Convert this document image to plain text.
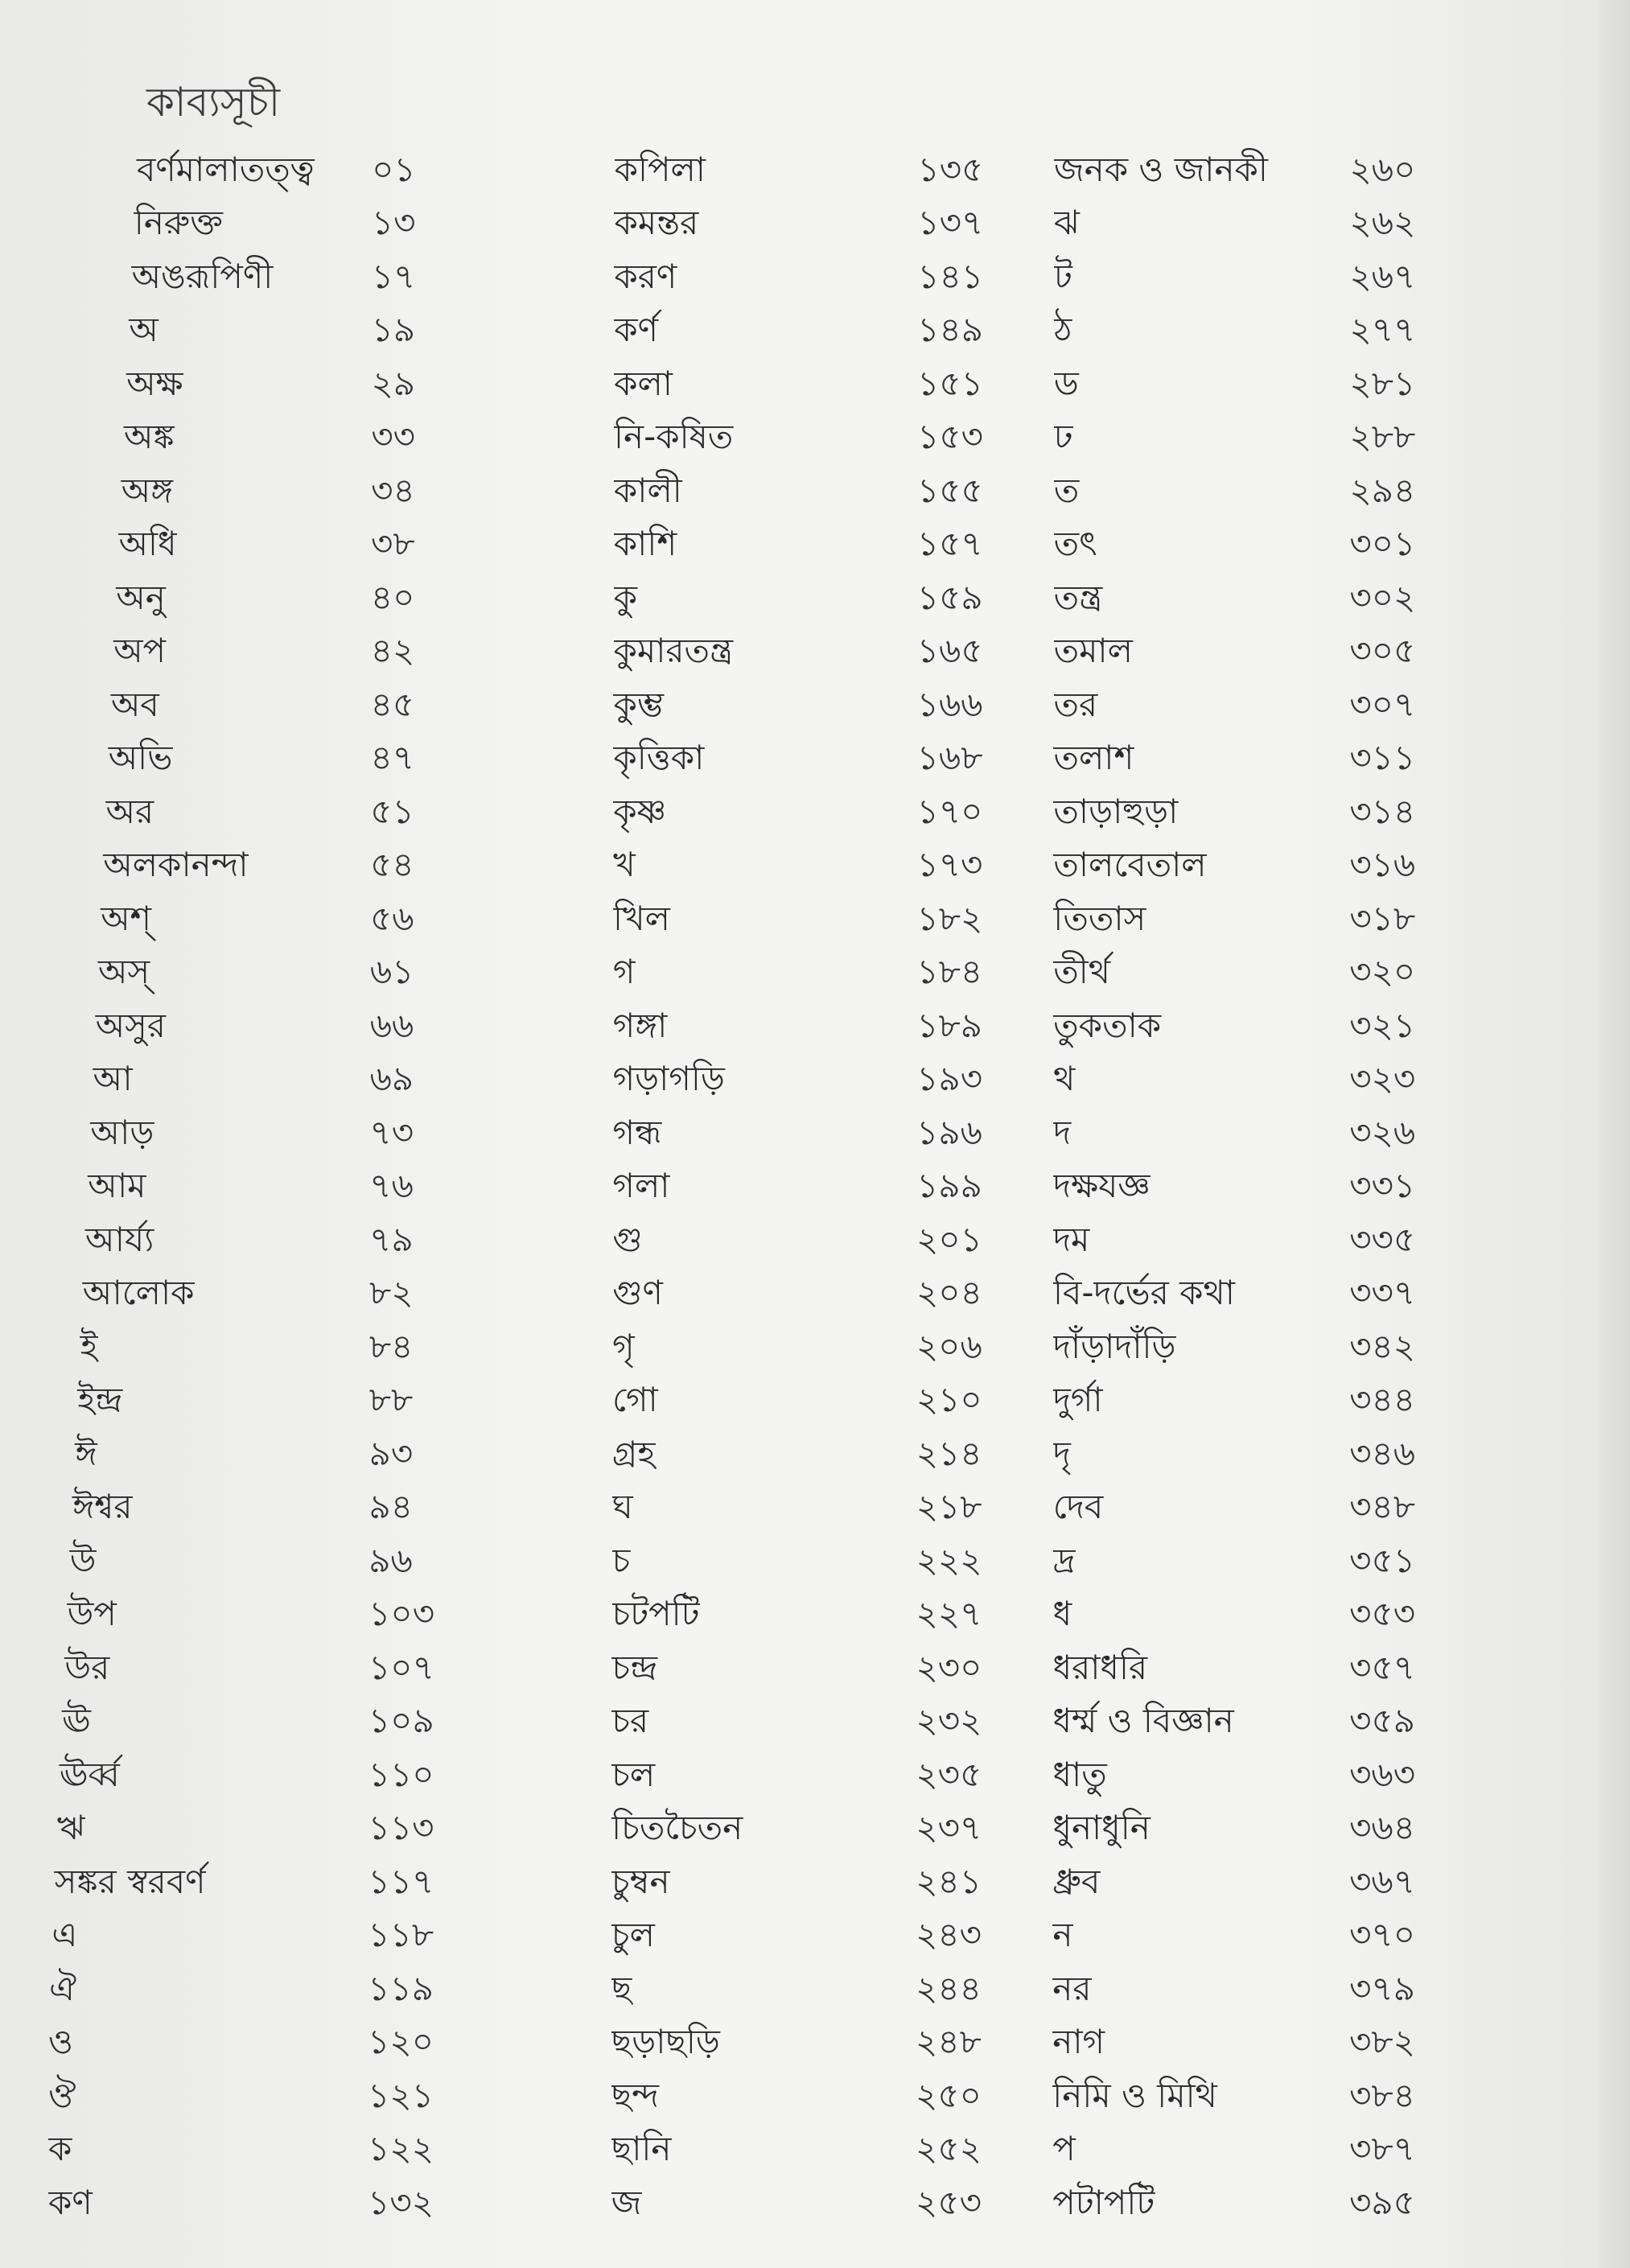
কাব্যসূচী
বর্ণমালাতত্ত্ব	০১	কপিলা	১৩৫	জনক ও জানকী	২৬০
নিরুক্ত	১৩	কমন্তর	১৩৭	ঝ	২৬২
অঙরূপিণী	১৭	করণ	১৪১	ট	২৬৭
অ	১৯	কর্ণ	১৪৯	ঠ	২৭৭
অক্ষ	২৯	কলা	১৫১	ড	২৮১
অঙ্ক	৩৩	নি-কষিত	১৫৩	ঢ	২৮৮
অঙ্গ	৩৪	কালী	১৫৫	ত	২৯৪
অধি	৩৮	কাশি	১৫৭	তৎ	৩০১
অনু	৪০	কু	১৫৯	তন্ত্র	৩০২
অপ	৪২	কুমারতন্ত্র	১৬৫	তমাল	৩০৫
অব	৪৫	কুম্ভ	১৬৬	তর	৩০৭
অভি	৪৭	কৃত্তিকা	১৬৮	তলাশ	৩১১
অর	৫১	কৃষ্ণ	১৭০	তাড়াহুড়া	৩১৪
অলকানন্দা	৫৪	খ	১৭৩	তালবেতাল	৩১৬
অশ্	৫৬	খিল	১৮২	তিতাস	৩১৮
অস্	৬১	গ	১৮৪	তীর্থ	৩২০
অসুর	৬৬	গঙ্গা	১৮৯	তুকতাক	৩২১
আ	৬৯	গড়াগড়ি	১৯৩	থ	৩২৩
আড়	৭৩	গন্ধ	১৯৬	দ	৩২৬
আম	৭৬	গলা	১৯৯	দক্ষযজ্ঞ	৩৩১
আর্য্য	৭৯	গু	২০১	দম	৩৩৫
আলোক	৮২	গুণ	২০৪	বি-দর্ভের কথা	৩৩৭
ই	৮৪	গৃ	২০৬	দাঁড়াদাঁড়ি	৩৪২
ইন্দ্র	৮৮	গো	২১০	দুর্গা	৩৪৪
ঈ	৯৩	গ্রহ	২১৪	দৃ	৩৪৬
ঈশ্বর	৯৪	ঘ	২১৮	দেব	৩৪৮
উ	৯৬	চ	২২২	দ্র	৩৫১
উপ	১০৩	চটপটি	২২৭	ধ	৩৫৩
উর	১০৭	চন্দ্র	২৩০	ধরাধরি	৩৫৭
ঊ	১০৯	চর	২৩২	ধর্ম্ম ও বিজ্ঞান	৩৫৯
ঊর্ব্ব	১১০	চল	২৩৫	ধাতু	৩৬৩
ঋ	১১৩	চিতচৈতন	২৩৭	ধুনাধুনি	৩৬৪
সঙ্কর স্বরবর্ণ	১১৭	চুম্বন	২৪১	ধ্রুব	৩৬৭
এ	১১৮	চুল	২৪৩	ন	৩৭০
ঐ	১১৯	ছ	২৪৪	নর	৩৭৯
ও	১২০	ছড়াছড়ি	২৪৮	নাগ	৩৮২
ঔ	১২১	ছন্দ	২৫০	নিমি ও মিথি	৩৮৪
ক	১২২	ছানি	২৫২	প	৩৮৭
কণ	১৩২	জ	২৫৩	পটাপটি	৩৯৫
